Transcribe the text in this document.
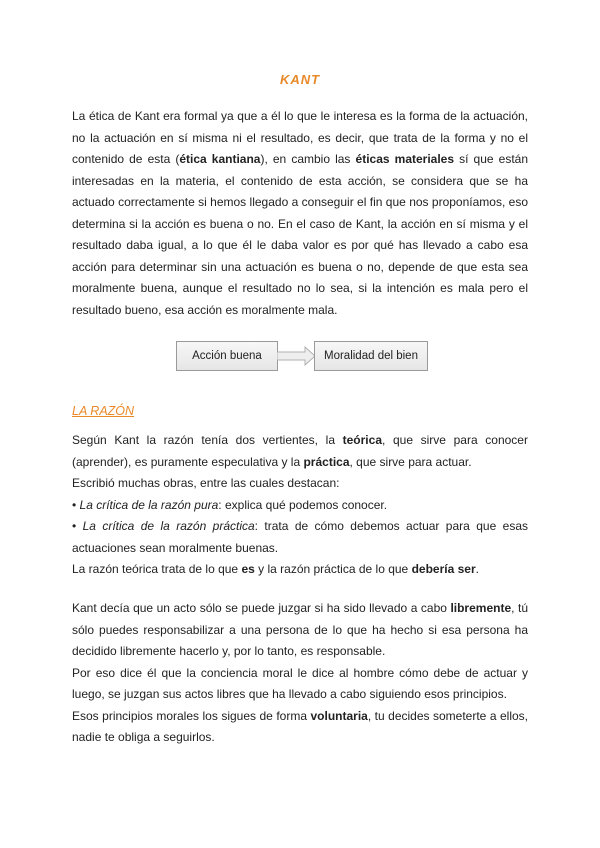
KANT

La ética de Kant era formal ya que a él lo que le interesa es la forma de la actuación, no la actuación en sí misma ni el resultado, es decir, que trata de la forma y no el contenido de esta (ética kantiana), en cambio las éticas materiales sí que están interesadas en la materia, el contenido de esta acción, se considera que se ha actuado correctamente si hemos llegado a conseguir el fin que nos proponíamos, eso determina si la acción es buena o no. En el caso de Kant, la acción en sí misma y el resultado daba igual, a lo que él le daba valor es por qué has llevado a cabo esa acción para determinar sin una actuación es buena o no, depende de que esta sea moralmente buena, aunque el resultado no lo sea, si la intención es mala pero el resultado bueno, esa acción es moralmente mala.

Acción buena	Moralidad del bien
LA RAZÓN
Según Kant la razón tenía dos vertientes, la teórica, que sirve para conocer (aprender), es puramente especulativa y la práctica, que sirve para actuar.
Escribió muchas obras, entre las cuales destacan:
• La crítica de la razón pura: explica qué podemos conocer.
• La crítica de la razón práctica: trata de cómo debemos actuar para que esas actuaciones sean moralmente buenas.
La razón teórica trata de lo que es y la razón práctica de lo que debería ser.
Kant decía que un acto sólo se puede juzgar si ha sido llevado a cabo libremente, tú sólo puedes responsabilizar a una persona de lo que ha hecho si esa persona ha decidido libremente hacerlo y, por lo tanto, es responsable.
Por eso dice él que la conciencia moral le dice al hombre cómo debe de actuar y luego, se juzgan sus actos libres que ha llevado a cabo siguiendo esos principios.
Esos principios morales los sigues de forma voluntaria, tu decides someterte a ellos, nadie te obliga a seguirlos.
